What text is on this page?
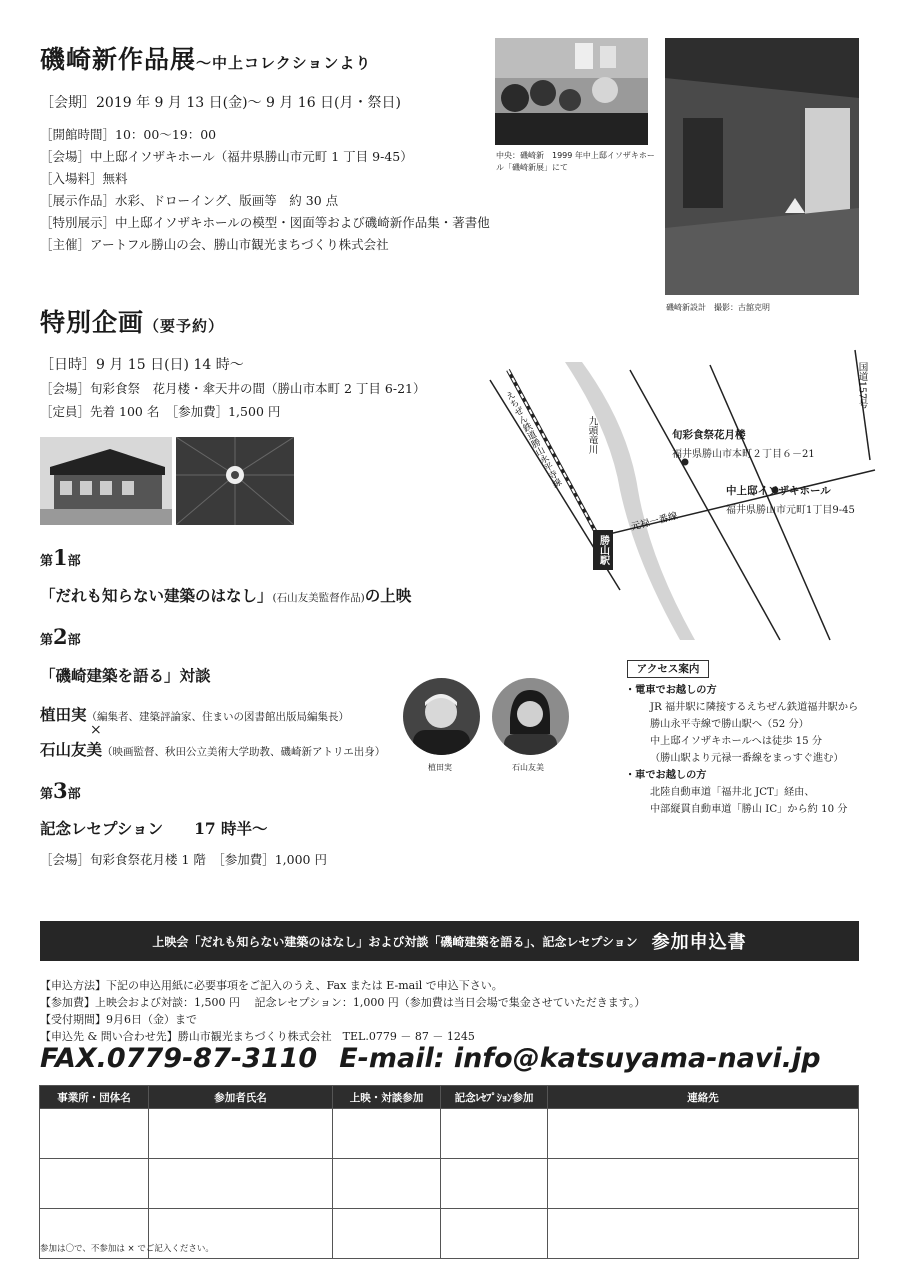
磯崎新作品展～中上コレクションより
［会期］2019 年 9 月 13 日(金)～ 9 月 16 日(月・祭日)
［開館時間］10：00～19：00
［会場］中上邸イソザキホール（福井県勝山市元町 1 丁目 9-45）
［入場料］無料
［展示作品］水彩、ドローイング、版画等　約 30 点
［特別展示］中上邸イソザキホールの模型・図面等および磯崎新作品集・著書他
［主催］アートフル勝山の会、勝山市観光まちづくり株式会社
中央：磯崎新　1999 年中上邸イソザキホー
ル「磯崎新展」にて
磯崎新設計　撮影：古舘克明
特別企画（要予約）
［日時］9 月 15 日(日) 14 時～
［会場］旬彩食祭　花月楼・傘天井の間（勝山市本町 2 丁目 6-21）
［定員］先着 100 名　 ［参加費］1,500 円
第1部
「だれも知らない建築のはなし」(石山友美監督作品)の上映
第2部
「磯崎建築を語る」対談
植田実（編集者、建築評論家、住まいの図書館出版局編集長）
×
石山友美（映画監督、秋田公立美術大学助教、磯崎新アトリエ出身）
植田実	石山友美
第3部
記念レセプション　　 17 時半～
［会場］旬彩食祭花月楼 1 階　 ［参加費］1,000 円
勝山駅
国道157号
えちぜん鉄道勝山永平寺線	九頭竜川
元禄一番線
旬彩食祭花月楼
福井県勝山市本町２丁目６－21
中上邸イソザキホール
福井県勝山市元町1丁目9-45
アクセス案内
・電車でお越しの方
JR 福井駅に隣接するえちぜん鉄道福井駅から
勝山永平寺線で勝山駅へ（52 分）
中上邸イソザキホールへは徒歩 15 分
（勝山駅より元禄一番線をまっすぐ進む）
・車でお越しの方
北陸自動車道「福井北 JCT」経由、
中部縦貫自動車道「勝山 IC」から約 10 分
上映会「だれも知らない建築のはなし」および対談「磯崎建築を語る」、記念レセプション 参加申込書
【申込方法】下記の申込用紙に必要事項をご記入のうえ、Fax または E-mail で申込下さい。
【参加費】上映会および対談：1,500 円　 記念レセプション：1,000 円（参加費は当日会場で集金させていただきます。）
【受付期間】9月6日（金）まで
【申込先 & 問い合わせ先】勝山市観光まちづくり株式会社　TEL.0779 － 87 － 1245
FAX.0779-87-3110 E-mail: info@katsuyama-navi.jp
事業所・団体名	参加者氏名	上映・対談参加	記念ﾚｾﾌﾟｼｮﾝ参加	連絡先

参加は〇で、不参加は × でご記入ください。
